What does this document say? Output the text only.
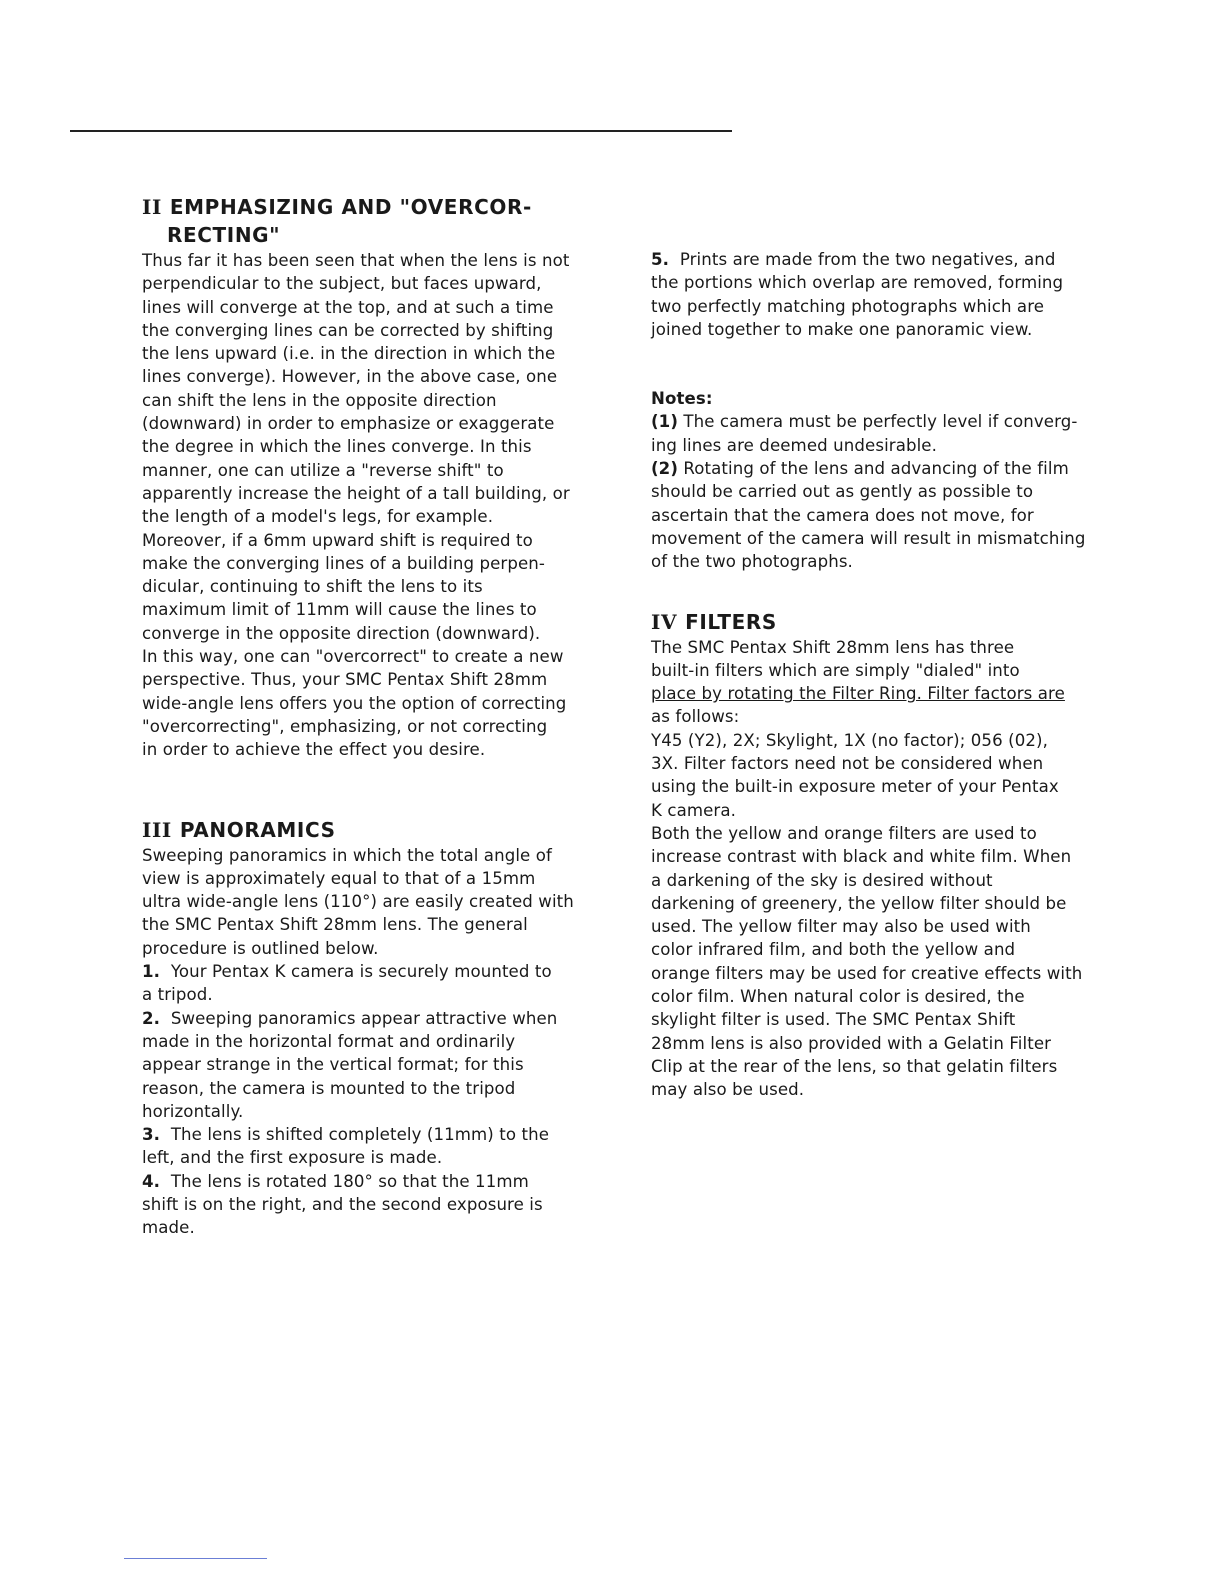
II EMPHASIZING AND "OVERCOR-
RECTING"
Thus far it has been seen that when the lens is not
perpendicular to the subject, but faces upward,
lines will converge at the top, and at such a time
the converging lines can be corrected by shifting
the lens upward (i.e. in the direction in which the
lines converge). However, in the above case, one
can shift the lens in the opposite direction
(downward) in order to emphasize or exaggerate
the degree in which the lines converge. In this
manner, one can utilize a "reverse shift" to
apparently increase the height of a tall building, or
the length of a model's legs, for example.
Moreover, if a 6mm upward shift is required to
make the converging lines of a building perpen-
dicular, continuing to shift the lens to its
maximum limit of 11mm will cause the lines to
converge in the opposite direction (downward).
In this way, one can "overcorrect" to create a new
perspective. Thus, your SMC Pentax Shift 28mm
wide-angle lens offers you the option of correcting
"overcorrecting", emphasizing, or not correcting
in order to achieve the effect you desire.
III PANORAMICS
Sweeping panoramics in which the total angle of
view is approximately equal to that of a 15mm
ultra wide-angle lens (110°) are easily created with
the SMC Pentax Shift 28mm lens. The general
procedure is outlined below.
1. Your Pentax K camera is securely mounted to
a tripod.
2. Sweeping panoramics appear attractive when
made in the horizontal format and ordinarily
appear strange in the vertical format; for this
reason, the camera is mounted to the tripod
horizontally.
3. The lens is shifted completely (11mm) to the
left, and the first exposure is made.
4. The lens is rotated 180° so that the 11mm
shift is on the right, and the second exposure is
made.
5. Prints are made from the two negatives, and
the portions which overlap are removed, forming
two perfectly matching photographs which are
joined together to make one panoramic view.
Notes:
(1) The camera must be perfectly level if converg-
ing lines are deemed undesirable.
(2) Rotating of the lens and advancing of the film
should be carried out as gently as possible to
ascertain that the camera does not move, for
movement of the camera will result in mismatching
of the two photographs.
IV FILTERS
The SMC Pentax Shift 28mm lens has three
built-in filters which are simply "dialed" into
place by rotating the Filter Ring. Filter factors are
as follows:
Y45 (Y2), 2X; Skylight, 1X (no factor); 056 (02),
3X. Filter factors need not be considered when
using the built-in exposure meter of your Pentax
K camera.
Both the yellow and orange filters are used to
increase contrast with black and white film. When
a darkening of the sky is desired without
darkening of greenery, the yellow filter should be
used. The yellow filter may also be used with
color infrared film, and both the yellow and
orange filters may be used for creative effects with
color film. When natural color is desired, the
skylight filter is used. The SMC Pentax Shift
28mm lens is also provided with a Gelatin Filter
Clip at the rear of the lens, so that gelatin filters
may also be used.
